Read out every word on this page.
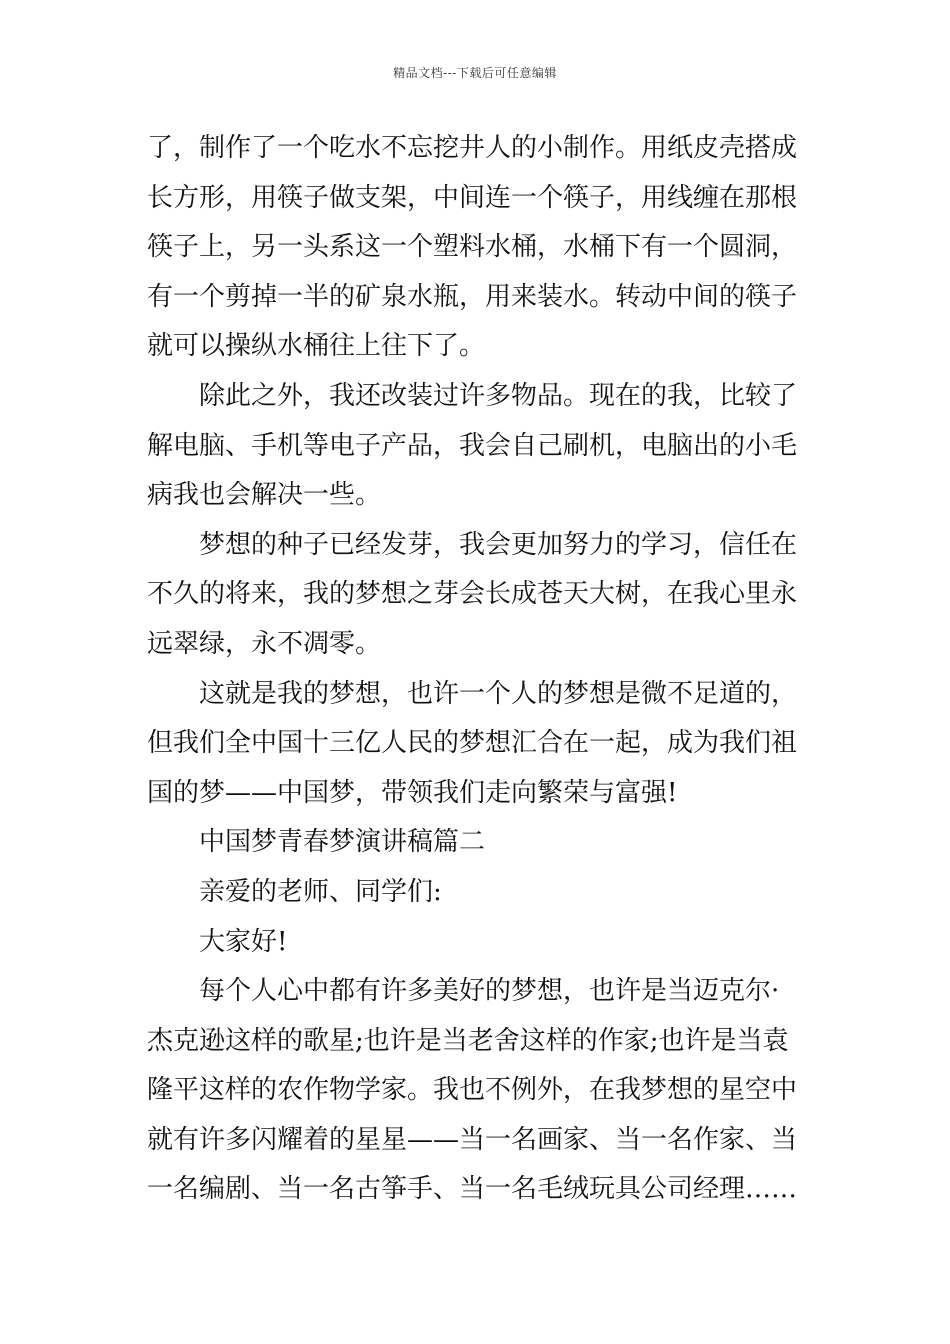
精品文档---下载后可任意编辑
了，制作了一个吃水不忘挖井人的小制作。用纸皮壳搭成
长方形，用筷子做支架，中间连一个筷子，用线缠在那根
筷子上，另一头系这一个塑料水桶，水桶下有一个圆洞，
有一个剪掉一半的矿泉水瓶，用来装水。转动中间的筷子
就可以操纵水桶往上往下了。
除此之外，我还改装过许多物品。现在的我，比较了
解电脑、手机等电子产品，我会自己刷机，电脑出的小毛
病我也会解决一些。
梦想的种子已经发芽，我会更加努力的学习，信任在
不久的将来，我的梦想之芽会长成苍天大树，在我心里永
远翠绿，永不凋零。
这就是我的梦想，也许一个人的梦想是微不足道的，
但我们全中国十三亿人民的梦想汇合在一起，成为我们祖
国的梦——中国梦，带领我们走向繁荣与富强!
中国梦青春梦演讲稿篇二
亲爱的老师、同学们:
大家好!
每个人心中都有许多美好的梦想，也许是当迈克尔·
杰克逊这样的歌星;也许是当老舍这样的作家;也许是当袁
隆平这样的农作物学家。我也不例外，在我梦想的星空中
就有许多闪耀着的星星——当一名画家、当一名作家、当
一名编剧、当一名古筝手、当一名毛绒玩具公司经理……
